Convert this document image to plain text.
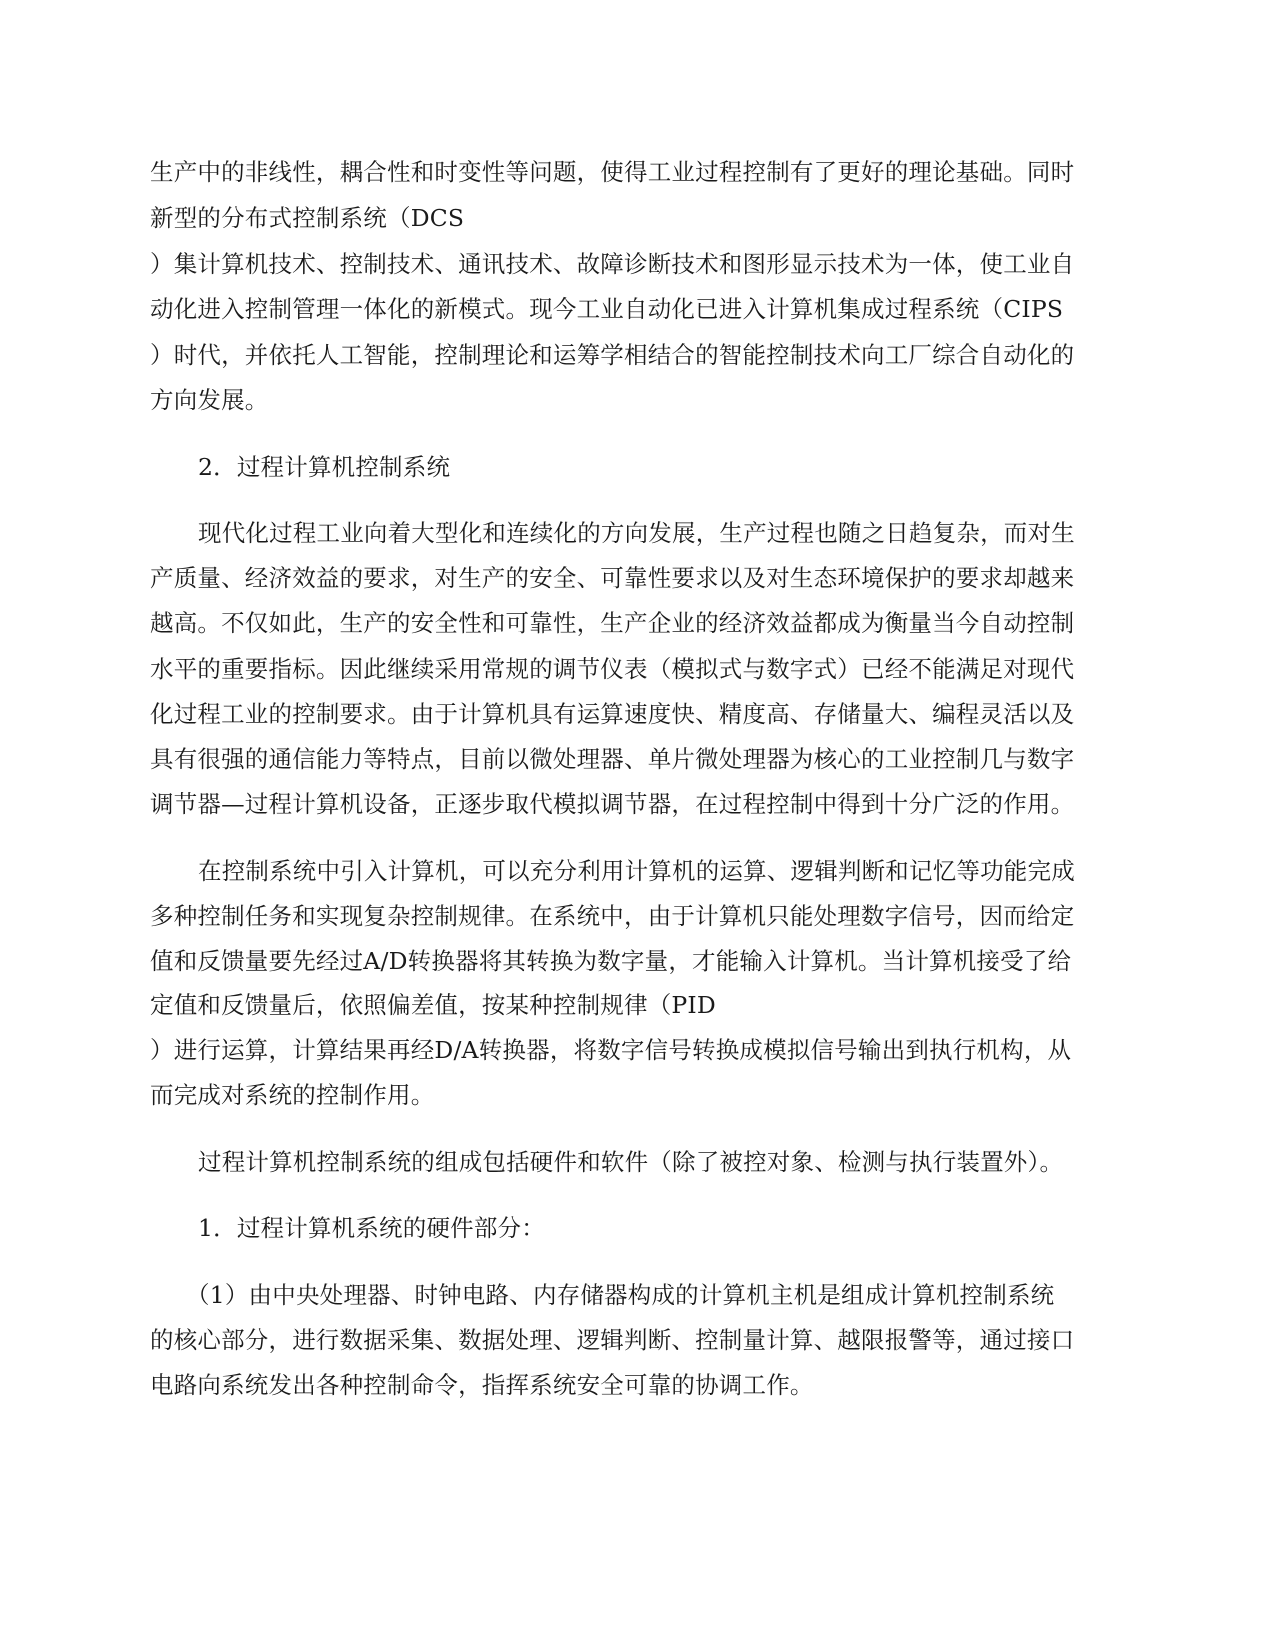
生产中的非线性，耦合性和时变性等问题，使得工业过程控制有了更好的理论基础。同时

新型的分布式控制系统（DCS

）集计算机技术、控制技术、通讯技术、故障诊断技术和图形显示技术为一体，使工业自

动化进入控制管理一体化的新模式。现今工业自动化已进入计算机集成过程系统（CIPS

）时代，并依托人工智能，控制理论和运筹学相结合的智能控制技术向工厂综合自动化的

方向发展。

2．过程计算机控制系统

现代化过程工业向着大型化和连续化的方向发展，生产过程也随之日趋复杂，而对生

产质量、经济效益的要求，对生产的安全、可靠性要求以及对生态环境保护的要求却越来

越高。不仅如此，生产的安全性和可靠性，生产企业的经济效益都成为衡量当今自动控制

水平的重要指标。因此继续采用常规的调节仪表（模拟式与数字式）已经不能满足对现代

化过程工业的控制要求。由于计算机具有运算速度快、精度高、存储量大、编程灵活以及

具有很强的通信能力等特点，目前以微处理器、单片微处理器为核心的工业控制几与数字

调节器—过程计算机设备，正逐步取代模拟调节器，在过程控制中得到十分广泛的作用。

在控制系统中引入计算机，可以充分利用计算机的运算、逻辑判断和记忆等功能完成

多种控制任务和实现复杂控制规律。在系统中，由于计算机只能处理数字信号，因而给定

值和反馈量要先经过A/D转换器将其转换为数字量，才能输入计算机。当计算机接受了给

定值和反馈量后，依照偏差值，按某种控制规律（PID

）进行运算，计算结果再经D/A转换器，将数字信号转换成模拟信号输出到执行机构，从

而完成对系统的控制作用。

过程计算机控制系统的组成包括硬件和软件（除了被控对象、检测与执行装置外）。

1．过程计算机系统的硬件部分：

（1）由中央处理器、时钟电路、内存储器构成的计算机主机是组成计算机控制系统

的核心部分，进行数据采集、数据处理、逻辑判断、控制量计算、越限报警等，通过接口

电路向系统发出各种控制命令，指挥系统安全可靠的协调工作。
